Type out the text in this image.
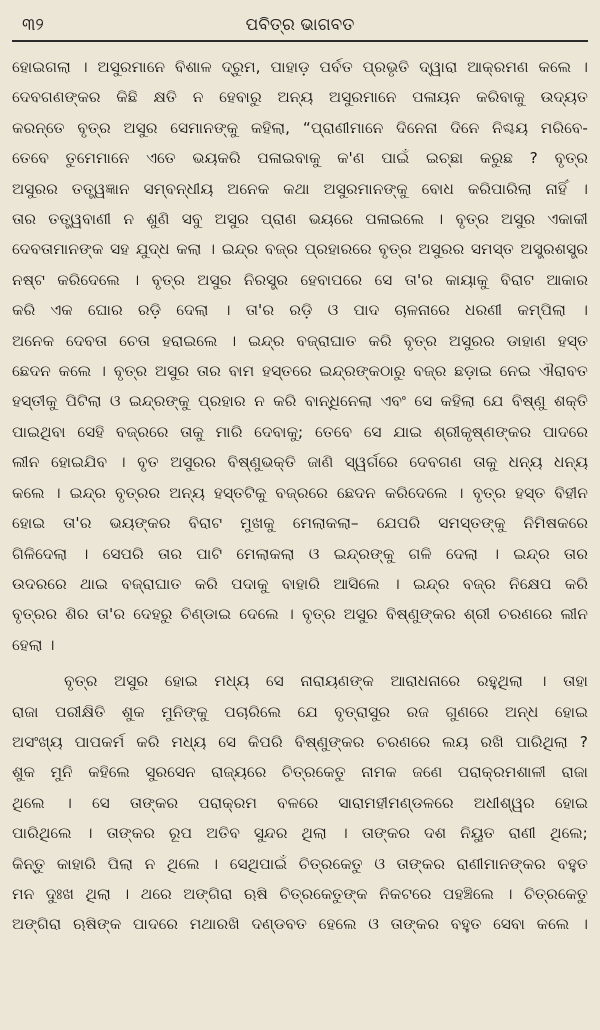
୩୨	ପବିତ୍ର ଭାଗବତ
ହୋଇଗଲା । ଅସୁରମାନେ ବିଶାଳ ଦ୍ରୁମ, ପାହାଡ଼ ପର୍ବତ ପ୍ରଭୃତି ଦ୍ୱାରା ଆକ୍ରମଣ କଲେ ।
ଦେବଗଣଙ୍କର କିଛି କ୍ଷତି ନ ହେବାରୁ ଅନ୍ୟ ଅସୁରମାନେ ପଳାୟନ କରିବାକୁ ଉଦ୍ୟତ
କରନ୍ତେ ବୃତ୍ର ଅସୁର ସେମାନଙ୍କୁ କହିଲା, “ପ୍ରାଣୀମାନେ ଦିନେନା ଦିନେ ନିଶ୍ଚୟ ମରିବେ-
ତେବେ ତୁମେମାନେ ଏତେ ଭୟକରି ପଳାଇବାକୁ କ'ଣ ପାଇଁ ଇଚ୍ଛା କରୁଛ ? ବୃତ୍ର
ଅସୁରର ତତ୍ତ୍ୱଜ୍ଞାନ ସମ୍ବନ୍ଧୀୟ ଅନେକ କଥା ଅସୁରମାନଙ୍କୁ ବୋଧ କରିପାରିଲା ନାହିଁ ।
ତାର ତତ୍ତ୍ୱବାଣୀ ନ ଶୁଣି ସବୁ ଅସୁର ପ୍ରାଣ ଭୟରେ ପଳାଇଲେ । ବୃତ୍ର ଅସୁର ଏକାକୀ
ଦେବତାମାନଙ୍କ ସହ ଯୁଦ୍ଧ କଲା । ଇନ୍ଦ୍ର ବଜ୍ର ପ୍ରହାରରେ ବୃତ୍ର ଅସୁରର ସମସ୍ତ ଅସ୍ତ୍ରଶସ୍ତ୍ର
ନଷ୍ଟ କରିଦେଲେ । ବୃତ୍ର ଅସୁର ନିରସ୍ତ୍ର ହେବାପରେ ସେ ତା'ର କାୟାକୁ ବିରାଟ ଆକାର
କରି ଏକ ଘୋର ରଡ଼ି ଦେଲା । ତା'ର ରଡ଼ି ଓ ପାଦ ଚାଳନାରେ ଧରଣୀ କମ୍ପିଲା ।
ଅନେକ ଦେବତା ଚେତା ହରାଇଲେ । ଇନ୍ଦ୍ର ବଜ୍ରାଘାତ କରି ବୃତ୍ର ଅସୁରର ଡାହାଣ ହସ୍ତ
ଛେଦନ କଲେ । ବୃତ୍ର ଅସୁର ତାର ବାମ ହସ୍ତରେ ଇନ୍ଦ୍ରଙ୍କଠାରୁ ବଜ୍ର ଛଡ଼ାଇ ନେଇ ଐରାବତ
ହସ୍ତୀକୁ ପିଟିଲା ଓ ଇନ୍ଦ୍ରଙ୍କୁ ପ୍ରହାର ନ କରି ବାନ୍ଧିନେଲା ଏବଂ ସେ କହିଲା ଯେ ବିଷ୍ଣୁ ଶକ୍ତି
ପାଇଥିବା ସେହି ବଜ୍ରରେ ତାକୁ ମାରି ଦେବାକୁ; ତେବେ ସେ ଯାଇ ଶ୍ରୀକୃଷ୍ଣଙ୍କର ପାଦରେ
ଲୀନ ହୋଇଯିବ । ବୃତ ଅସୁରର ବିଷ୍ଣୁଭକ୍ତି ଜାଣି ସ୍ୱର୍ଗରେ ଦେବଗଣ ତାକୁ ଧନ୍ୟ ଧନ୍ୟ
କଲେ । ଇନ୍ଦ୍ର ବୃତ୍ରର ଅନ୍ୟ ହସ୍ତଟିକୁ ବଜ୍ରରେ ଛେଦନ କରିଦେଲେ । ବୃତ୍ର ହସ୍ତ ବିହୀନ
ହୋଇ ତା'ର ଭୟଙ୍କର ବିରାଟ ମୁଖକୁ ମେଲାକଲା– ଯେପରି ସମସ୍ତଙ୍କୁ ନିମିଷକରେ
ଗିଳିଦେଲା । ସେପରି ତାର ପାଟି ମେଲାକଲା ଓ ଇନ୍ଦ୍ରଙ୍କୁ ଗଳି ଦେଲା । ଇନ୍ଦ୍ର ତାର
ଉଦରରେ ଥାଇ ବଜ୍ରାଘାତ କରି ପଦାକୁ ବାହାରି ଆସିଲେ । ଇନ୍ଦ୍ର ବଜ୍ର ନିକ୍ଷେପ କରି
ବୃତ୍ରର ଶିର ତା'ର ଦେହରୁ ଚିଣ୍ଡାଇ ଦେଲେ । ବୃତ୍ର ଅସୁର ବିଷ୍ଣୁଙ୍କର ଶ୍ରୀ ଚରଣରେ ଲୀନ
ହେଲା ।
ବୃତ୍ର ଅସୁର ହୋଇ ମଧ୍ୟ ସେ ନାରାୟଣଙ୍କ ଆରାଧନାରେ ରହୁଥିଲା । ତାହା
ରାଜା ପରୀକ୍ଷିତି ଶୁକ ମୁନିଙ୍କୁ ପଚାରିଲେ ଯେ ବୃତ୍ରାସୁର ରଜ ଗୁଣରେ ଅନ୍ଧ ହୋଇ
ଅସଂଖ୍ୟ ପାପକର୍ମ କରି ମଧ୍ୟ ସେ କିପରି ବିଷ୍ଣୁଙ୍କର ଚରଣରେ ଲୟ ରଖି ପାରିଥିଲା ?
ଶୁକ ମୁନି କହିଲେ ସୁରସେନ ରାଜ୍ୟରେ ଚିତ୍ରକେତୁ ନାମକ ଜଣେ ପରାକ୍ରମଶାଳୀ ରାଜା
ଥିଲେ । ସେ ତାଙ୍କର ପରାକ୍ରମ ବଳରେ ସାରାମହୀମଣ୍ଡଳରେ ଅଧୀଶ୍ୱର ହୋଇ
ପାରିଥିଲେ । ତାଙ୍କର ରୂପ ଅତିବ ସୁନ୍ଦର ଥିଲା । ତାଙ୍କର ଦଶ ନିୟୁତ ରାଣୀ ଥିଲେ;
କିନ୍ତୁ କାହାରି ପିଲା ନ ଥିଲେ । ସେଥିପାଇଁ ଚିତ୍ରକେତୁ ଓ ତାଙ୍କର ରାଣୀମାନଙ୍କର ବହୁତ
ମନ ଦୁଃଖ ଥିଲା । ଥରେ ଅଙ୍ଗିରା ଋଷି ଚିତ୍ରକେତୁଙ୍କ ନିକଟରେ ପହଞ୍ଚିଲେ । ଚିତ୍ରକେତୁ
ଅଙ୍ଗିରା ଋଷିଙ୍କ ପାଦରେ ମଥାରଖି ଦଣ୍ଡବତ ହେଲେ ଓ ତାଙ୍କର ବହୁତ ସେବା କଲେ ।
